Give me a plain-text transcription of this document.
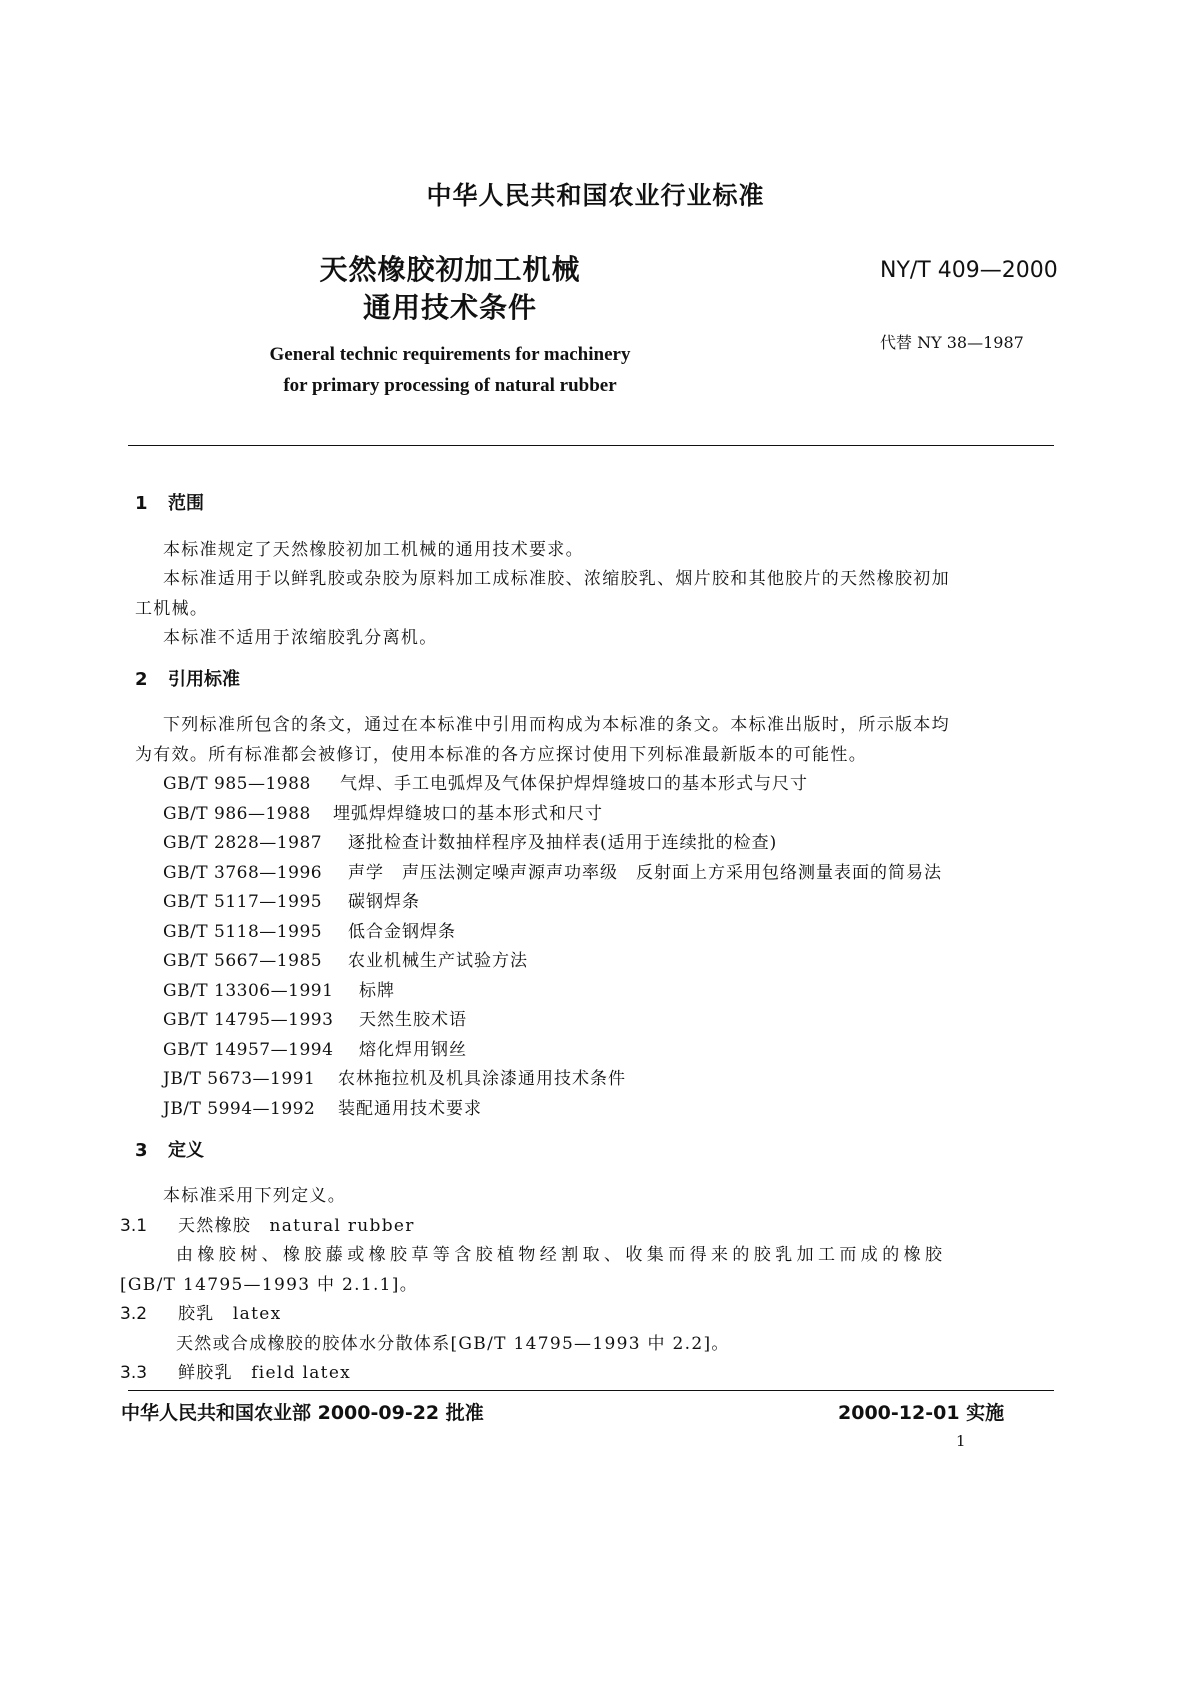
中华人民共和国农业行业标准
天然橡胶初加工机械
通用技术条件
NY/T 409—2000
代替 NY 38—1987
General technic requirements for machinery
for primary processing of natural rubber
1 范围
本标准规定了天然橡胶初加工机械的通用技术要求。
本标准适用于以鲜乳胶或杂胶为原料加工成标准胶、浓缩胶乳、烟片胶和其他胶片的天然橡胶初加
工机械。
本标准不适用于浓缩胶乳分离机。
2 引用标准
下列标准所包含的条文，通过在本标准中引用而构成为本标准的条文。本标准出版时，所示版本均
为有效。所有标准都会被修订，使用本标准的各方应探讨使用下列标准最新版本的可能性。
GB/T 985—1988 气焊、手工电弧焊及气体保护焊焊缝坡口的基本形式与尺寸
GB/T 986—1988 埋弧焊焊缝坡口的基本形式和尺寸
GB/T 2828—1987 逐批检查计数抽样程序及抽样表(适用于连续批的检查)
GB/T 3768—1996 声学　声压法测定噪声源声功率级　反射面上方采用包络测量表面的简易法
GB/T 5117—1995 碳钢焊条
GB/T 5118—1995 低合金钢焊条
GB/T 5667—1985 农业机械生产试验方法
GB/T 13306—1991 标牌
GB/T 14795—1993 天然生胶术语
GB/T 14957—1994 熔化焊用钢丝
JB/T 5673—1991 农林拖拉机及机具涂漆通用技术条件
JB/T 5994—1992 装配通用技术要求
3 定义
本标准采用下列定义。
3.1 天然橡胶　natural rubber
由橡胶树、橡胶藤或橡胶草等含胶植物经割取、收集而得来的胶乳加工而成的橡胶
[GB/T 14795—1993 中 2.1.1]。
3.2 胶乳　latex
天然或合成橡胶的胶体水分散体系[GB/T 14795—1993 中 2.2]。
3.3 鲜胶乳　field latex
中华人民共和国农业部 2000-09-22 批准	2000-12-01 实施
1
